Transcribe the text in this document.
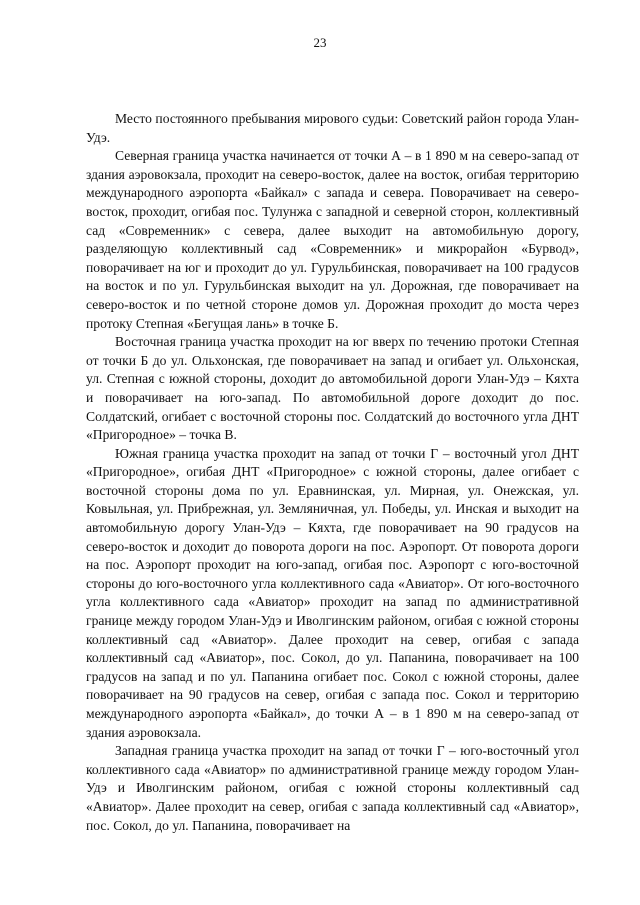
23

Место постоянного пребывания мирового судьи: Советский район города Улан-Удэ.

Северная граница участка начинается от точки А – в 1 890 м на северо-запад от здания аэровокзала, проходит на северо-восток, далее на восток, огибая территорию международного аэропорта «Байкал» с запада и севера. Поворачивает на северо-восток, проходит, огибая пос. Тулунжа с западной и северной сторон, коллективный сад «Современник» с севера, далее выходит на автомобильную дорогу, разделяющую коллективный сад «Современник» и микрорайон «Бурвод», поворачивает на юг и проходит до ул. Гурульбинская, поворачивает на 100 градусов на восток и по ул. Гурульбинская выходит на ул. Дорожная, где поворачивает на северо-восток и по четной стороне домов ул. Дорожная проходит до моста через протоку Степная «Бегущая лань» в точке Б.

Восточная граница участка проходит на юг вверх по течению протоки Степная от точки Б до ул. Ольхонская, где поворачивает на запад и огибает ул. Ольхонская, ул. Степная с южной стороны, доходит до автомобильной дороги Улан-Удэ – Кяхта и поворачивает на юго-запад. По автомобильной дороге доходит до пос. Солдатский, огибает с восточной стороны пос. Солдатский до восточного угла ДНТ «Пригородное» – точка В.

Южная граница участка проходит на запад от точки Г – восточный угол ДНТ «Пригородное», огибая ДНТ «Пригородное» с южной стороны, далее огибает с восточной стороны дома по ул. Еравнинская, ул. Мирная, ул. Онежская, ул. Ковыльная, ул. Прибрежная, ул. Земляничная, ул. Победы, ул. Инская и выходит на автомобильную дорогу Улан-Удэ – Кяхта, где поворачивает на 90 градусов на северо-восток и доходит до поворота дороги на пос. Аэропорт. От поворота дороги на пос. Аэропорт проходит на юго-запад, огибая пос. Аэропорт с юго-восточной стороны до юго-восточного угла коллективного сада «Авиатор». От юго-восточного угла коллективного сада «Авиатор» проходит на запад по административной границе между городом Улан-Удэ и Иволгинским районом, огибая с южной стороны коллективный сад «Авиатор». Далее проходит на север, огибая с запада коллективный сад «Авиатор», пос. Сокол, до ул. Папанина, поворачивает на 100 градусов на запад и по ул. Папанина огибает пос. Сокол с южной стороны, далее поворачивает на 90 градусов на север, огибая с запада пос. Сокол и территорию международного аэропорта «Байкал», до точки А – в 1 890 м на северо-запад от здания аэровокзала.

Западная граница участка проходит на запад от точки Г – юго-восточный угол коллективного сада «Авиатор» по административной границе между городом Улан-Удэ и Иволгинским районом, огибая с южной стороны коллективный сад «Авиатор». Далее проходит на север, огибая с запада коллективный сад «Авиатор», пос. Сокол, до ул. Папанина, поворачивает на
